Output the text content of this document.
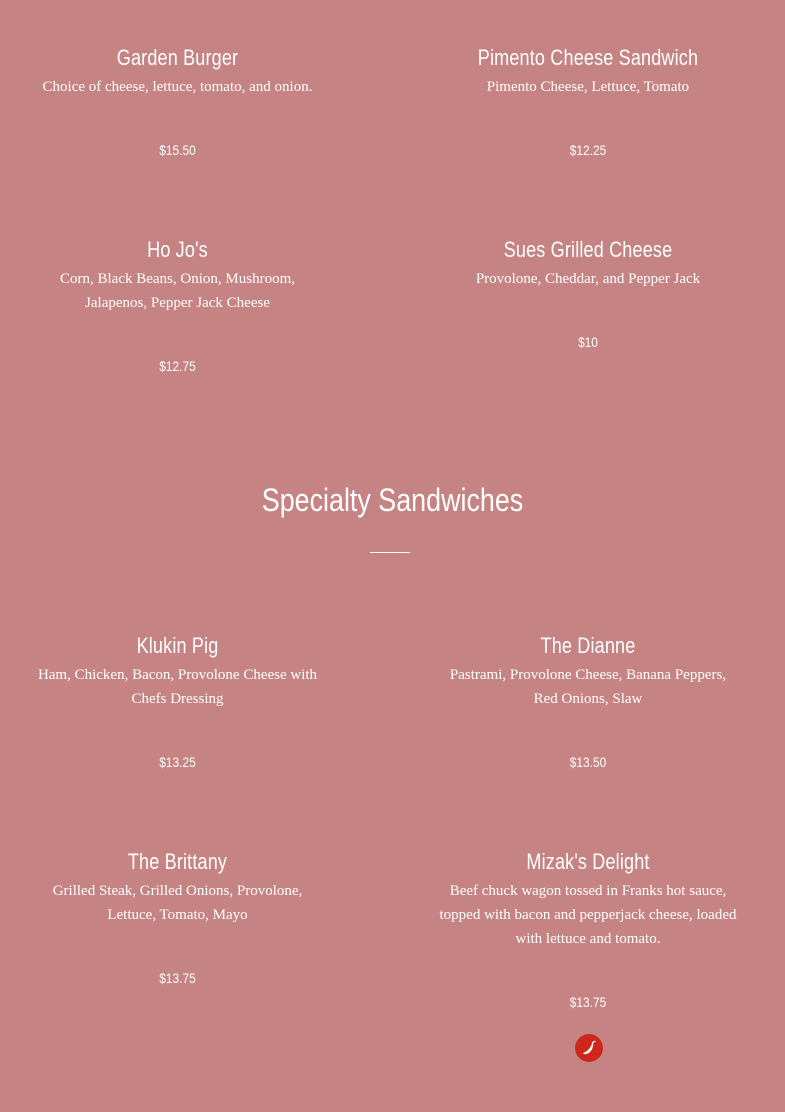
Garden Burger

Choice of cheese, lettuce, tomato, and onion.

$15.50
Pimento Cheese Sandwich

Pimento Cheese, Lettuce, Tomato

$12.25
Ho Jo's

Corn, Black Beans, Onion, Mushroom, Jalapenos, Pepper Jack Cheese

$12.75
Sues Grilled Cheese

Provolone, Cheddar, and Pepper Jack

$10
Specialty Sandwiches
Klukin Pig

Ham, Chicken, Bacon, Provolone Cheese with Chefs Dressing

$13.25
The Dianne

Pastrami, Provolone Cheese, Banana Peppers, Red Onions, Slaw

$13.50
The Brittany

Grilled Steak, Grilled Onions, Provolone, Lettuce, Tomato, Mayo

$13.75
Mizak's Delight

Beef chuck wagon tossed in Franks hot sauce, topped with bacon and pepperjack cheese, loaded with lettuce and tomato.

$13.75
